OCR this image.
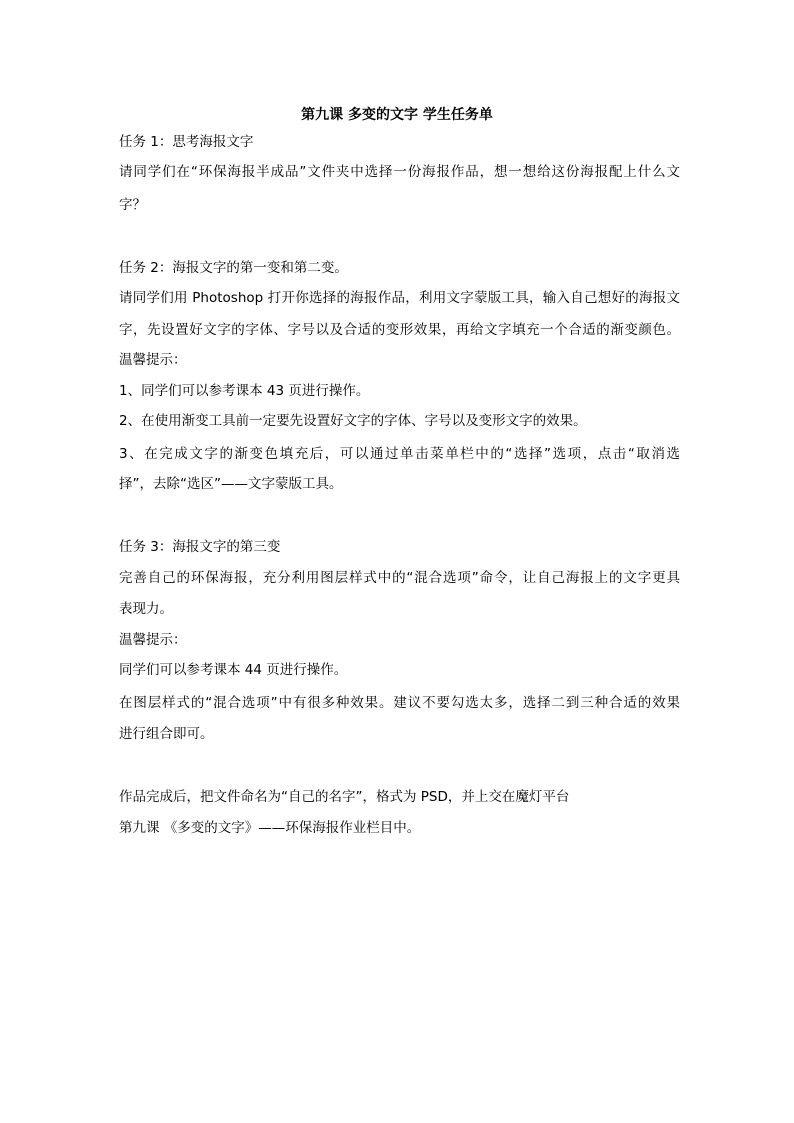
第九课 多变的文字 学生任务单
任务 1：思考海报文字
请同学们在“环保海报半成品”文件夹中选择一份海报作品，想一想给这份海报配上什么文
字？
任务 2：海报文字的第一变和第二变。
请同学们用 Photoshop 打开你选择的海报作品，利用文字蒙版工具，输入自己想好的海报文
字，先设置好文字的字体、字号以及合适的变形效果，再给文字填充一个合适的渐变颜色。
温馨提示：
1、同学们可以参考课本 43 页进行操作。
2、在使用渐变工具前一定要先设置好文字的字体、字号以及变形文字的效果。
3、在完成文字的渐变色填充后，可以通过单击菜单栏中的“选择”选项，点击“取消选
择”，去除“选区”——文字蒙版工具。
任务 3：海报文字的第三变
完善自己的环保海报，充分利用图层样式中的“混合选项”命令，让自己海报上的文字更具
表现力。
温馨提示：
同学们可以参考课本 44 页进行操作。
在图层样式的“混合选项”中有很多种效果。建议不要勾选太多，选择二到三种合适的效果
进行组合即可。
作品完成后，把文件命名为“自己的名字”，格式为 PSD，并上交在魔灯平台
第九课 《多变的文字》——环保海报作业栏目中。
